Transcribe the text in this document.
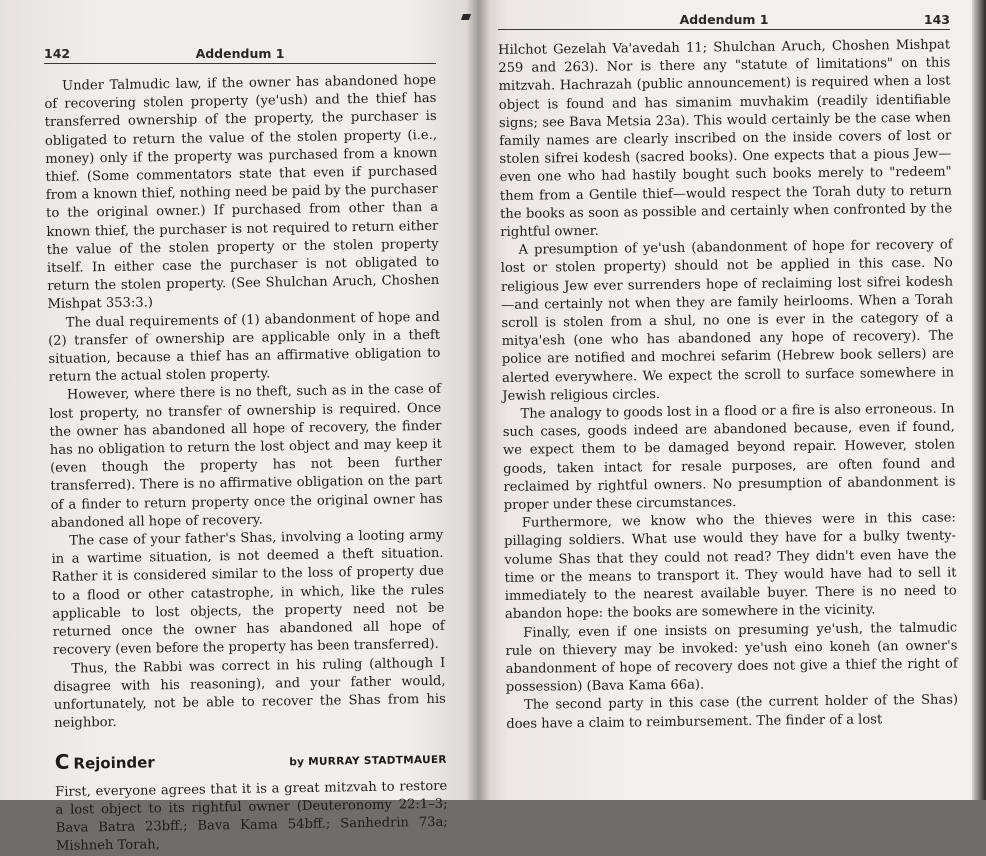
142	Addendum 1

Under Talmudic law, if the owner has abandoned hope of recovering stolen property (ye'ush) and the thief has transferred ownership of the property, the purchaser is obligated to return the value of the stolen property (i.e., money) only if the property was purchased from a known thief. (Some commentators state that even if purchased from a known thief, nothing need be paid by the purchaser to the original owner.) If purchased from other than a known thief, the purchaser is not required to return either the value of the stolen property or the stolen property itself. In either case the purchaser is not obligated to return the stolen property. (See Shulchan Aruch, Choshen Mishpat 353:3.)

The dual requirements of (1) abandonment of hope and (2) transfer of ownership are applicable only in a theft situation, because a thief has an affirmative obligation to return the actual stolen property.

However, where there is no theft, such as in the case of lost property, no transfer of ownership is required. Once the owner has abandoned all hope of recovery, the finder has no obligation to return the lost object and may keep it (even though the property has not been further transferred). There is no affirmative obligation on the part of a finder to return property once the original owner has abandoned all hope of recovery.

The case of your father's Shas, involving a looting army in a wartime situation, is not deemed a theft situation. Rather it is considered similar to the loss of property due to a flood or other catastrophe, in which, like the rules applicable to lost objects, the property need not be returned once the owner has abandoned all hope of recovery (even before the property has been transferred).

Thus, the Rabbi was correct in his ruling (although I disagree with his reasoning), and your father would, unfortunately, not be able to recover the Shas from his neighbor.

C Rejoinder	by MURRAY STADTMAUER

First, everyone agrees that it is a great mitzvah to restore a lost object to its rightful owner (Deuteronomy 22:1–3; Bava Batra 23bff.; Bava Kama 54bff.; Sanhedrin 73a; Mishneh Torah,

Addendum 1	143

Hilchot Gezelah Va'avedah 11; Shulchan Aruch, Choshen Mishpat 259 and 263). Nor is there any "statute of limitations" on this mitzvah. Hachrazah (public announcement) is required when a lost object is found and has simanim muvhakim (readily identifiable signs; see Bava Metsia 23a). This would certainly be the case when family names are clearly inscribed on the inside covers of lost or stolen sifrei kodesh (sacred books). One expects that a pious Jew—even one who had hastily bought such books merely to "redeem" them from a Gentile thief—would respect the Torah duty to return the books as soon as possible and certainly when confronted by the rightful owner.

A presumption of ye'ush (abandonment of hope for recovery of lost or stolen property) should not be applied in this case. No religious Jew ever surrenders hope of reclaiming lost sifrei kodesh—and certainly not when they are family heirlooms. When a Torah scroll is stolen from a shul, no one is ever in the category of a mitya'esh (one who has abandoned any hope of recovery). The police are notified and mochrei sefarim (Hebrew book sellers) are alerted everywhere. We expect the scroll to surface somewhere in Jewish religious circles.

The analogy to goods lost in a flood or a fire is also erroneous. In such cases, goods indeed are abandoned because, even if found, we expect them to be damaged beyond repair. However, stolen goods, taken intact for resale purposes, are often found and reclaimed by rightful owners. No presumption of abandonment is proper under these circumstances.

Furthermore, we know who the thieves were in this case: pillaging soldiers. What use would they have for a bulky twenty-volume Shas that they could not read? They didn't even have the time or the means to transport it. They would have had to sell it immediately to the nearest available buyer. There is no need to abandon hope: the books are somewhere in the vicinity.

Finally, even if one insists on presuming ye'ush, the talmudic rule on thievery may be invoked: ye'ush eino koneh (an owner's abandonment of hope of recovery does not give a thief the right of possession) (Bava Kama 66a).

The second party in this case (the current holder of the Shas) does have a claim to reimbursement. The finder of a lost
